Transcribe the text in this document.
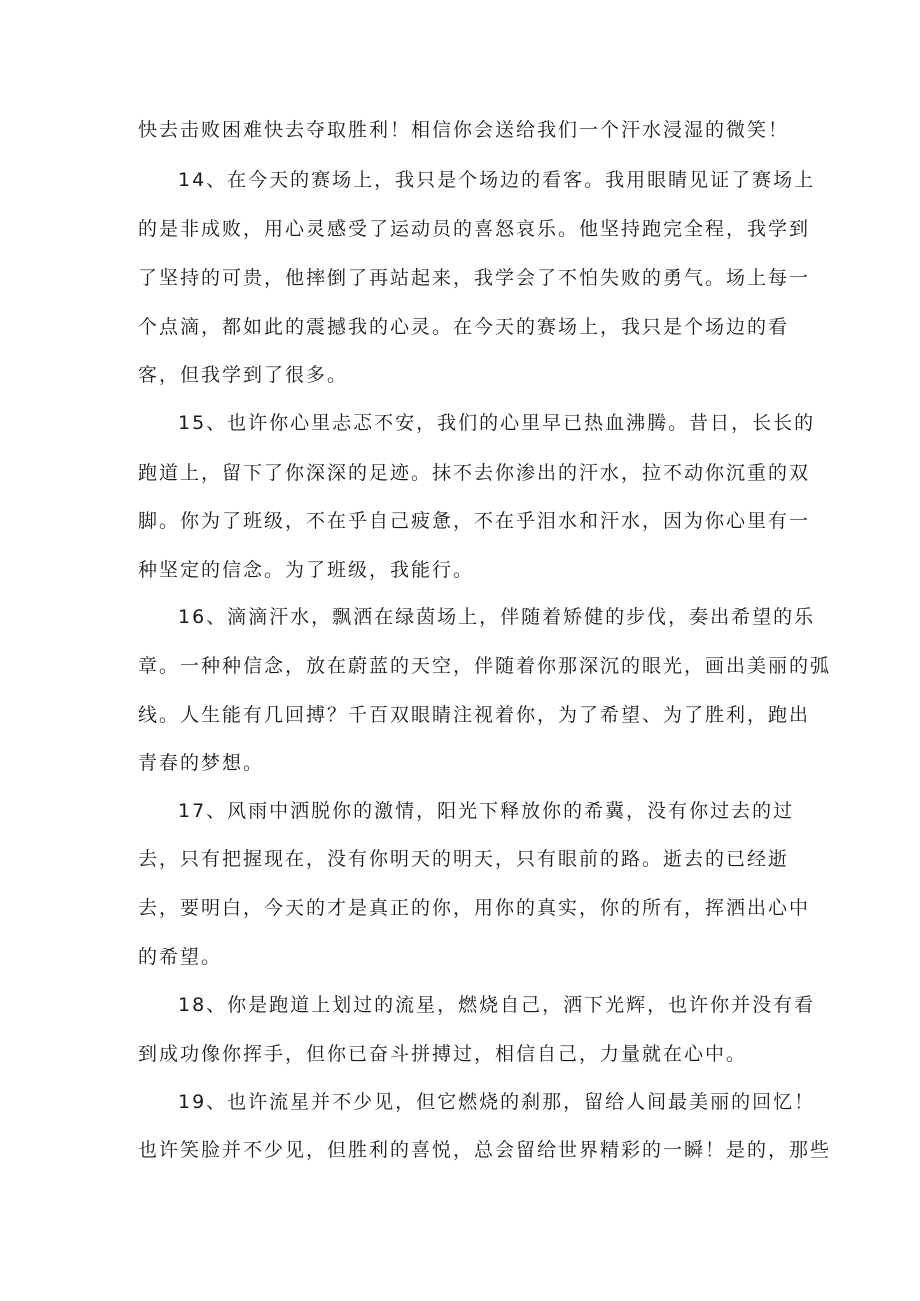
快去击败困难快去夺取胜利！相信你会送给我们一个汗水浸湿的微笑！
14、在今天的赛场上，我只是个场边的看客。我用眼睛见证了赛场上
的是非成败，用心灵感受了运动员的喜怒哀乐。他坚持跑完全程，我学到
了坚持的可贵，他摔倒了再站起来，我学会了不怕失败的勇气。场上每一
个点滴，都如此的震撼我的心灵。在今天的赛场上，我只是个场边的看
客，但我学到了很多。
15、也许你心里忐忑不安，我们的心里早已热血沸腾。昔日，长长的
跑道上，留下了你深深的足迹。抹不去你渗出的汗水，拉不动你沉重的双
脚。你为了班级，不在乎自己疲惫，不在乎泪水和汗水，因为你心里有一
种坚定的信念。为了班级，我能行。
16、滴滴汗水，飘洒在绿茵场上，伴随着矫健的步伐，奏出希望的乐
章。一种种信念，放在蔚蓝的天空，伴随着你那深沉的眼光，画出美丽的弧
线。人生能有几回搏？千百双眼睛注视着你，为了希望、为了胜利，跑出
青春的梦想。
17、风雨中洒脱你的激情，阳光下释放你的希冀，没有你过去的过
去，只有把握现在，没有你明天的明天，只有眼前的路。逝去的已经逝
去，要明白，今天的才是真正的你，用你的真实，你的所有，挥洒出心中
的希望。
18、你是跑道上划过的流星，燃烧自己，洒下光辉，也许你并没有看
到成功像你挥手，但你已奋斗拼搏过，相信自己，力量就在心中。
19、也许流星并不少见，但它燃烧的刹那，留给人间最美丽的回忆！
也许笑脸并不少见，但胜利的喜悦，总会留给世界精彩的一瞬！是的，那些
